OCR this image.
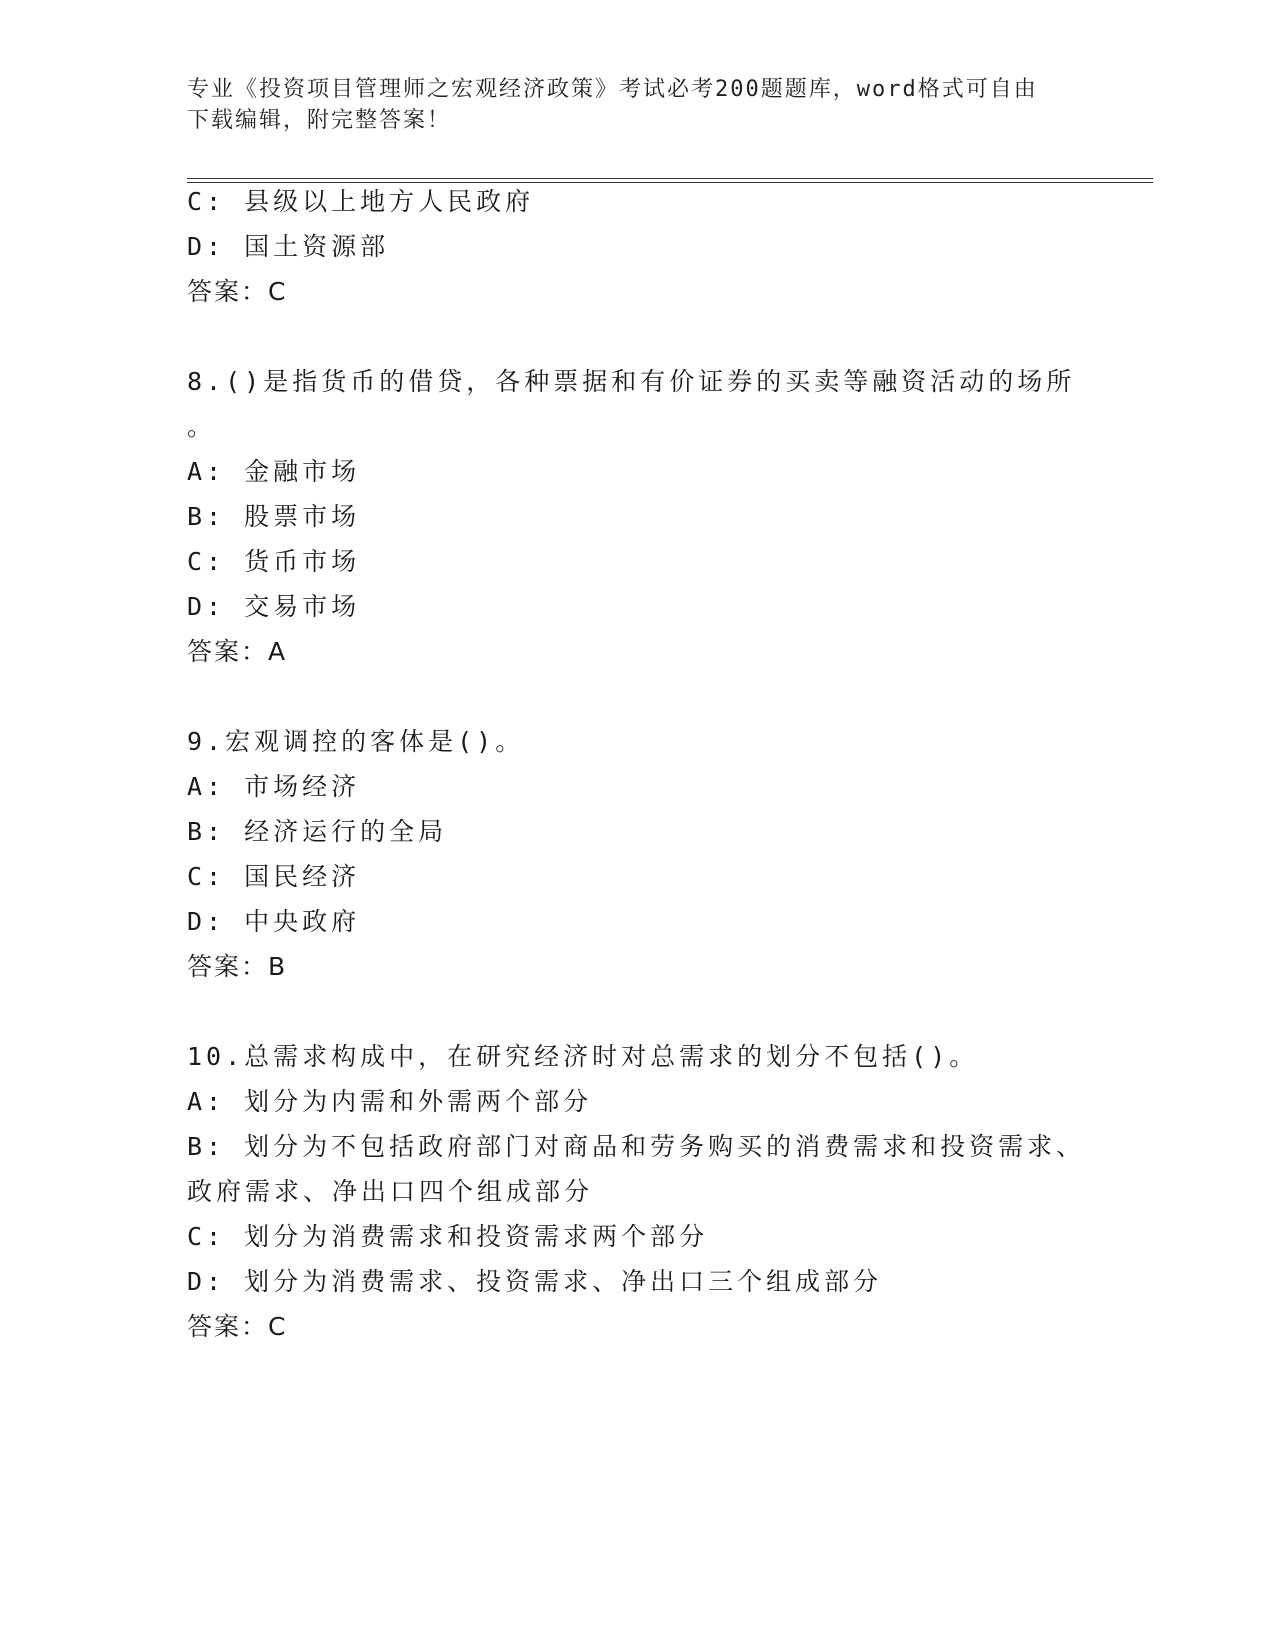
专业《投资项目管理师之宏观经济政策》考试必考200题题库，word格式可自由
下载编辑，附完整答案！
C: 县级以上地方人民政府
D: 国土资源部
答案：C
8.()是指货币的借贷，各种票据和有价证券的买卖等融资活动的场所
。
A: 金融市场
B: 股票市场
C: 货币市场
D: 交易市场
答案：A
9.宏观调控的客体是()。
A: 市场经济
B: 经济运行的全局
C: 国民经济
D: 中央政府
答案：B
10.总需求构成中，在研究经济时对总需求的划分不包括()。
A: 划分为内需和外需两个部分
B: 划分为不包括政府部门对商品和劳务购买的消费需求和投资需求、
政府需求、净出口四个组成部分
C: 划分为消费需求和投资需求两个部分
D: 划分为消费需求、投资需求、净出口三个组成部分
答案：C
